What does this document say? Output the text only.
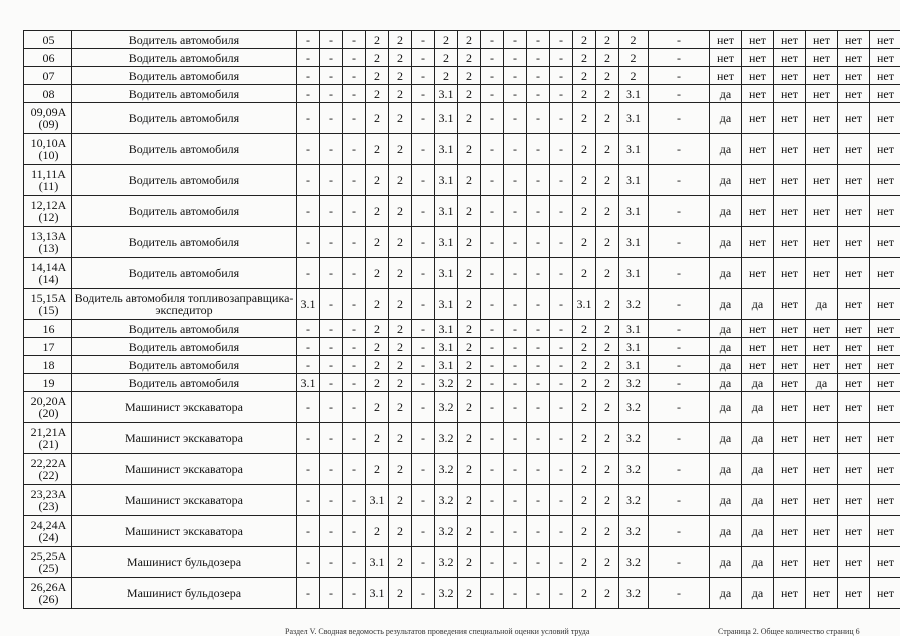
05	Водитель автомобиля	-	-	-	2	2	-	2	2	-	-	-	-	2	2	2	-	нет	нет	нет	нет	нет	нет
06	Водитель автомобиля	-	-	-	2	2	-	2	2	-	-	-	-	2	2	2	-	нет	нет	нет	нет	нет	нет
07	Водитель автомобиля	-	-	-	2	2	-	2	2	-	-	-	-	2	2	2	-	нет	нет	нет	нет	нет	нет
08	Водитель автомобиля	-	-	-	2	2	-	3.1	2	-	-	-	-	2	2	3.1	-	да	нет	нет	нет	нет	нет
09,09А (09)	Водитель автомобиля	-	-	-	2	2	-	3.1	2	-	-	-	-	2	2	3.1	-	да	нет	нет	нет	нет	нет
10,10А (10)	Водитель автомобиля	-	-	-	2	2	-	3.1	2	-	-	-	-	2	2	3.1	-	да	нет	нет	нет	нет	нет
11,11А (11)	Водитель автомобиля	-	-	-	2	2	-	3.1	2	-	-	-	-	2	2	3.1	-	да	нет	нет	нет	нет	нет
12,12А (12)	Водитель автомобиля	-	-	-	2	2	-	3.1	2	-	-	-	-	2	2	3.1	-	да	нет	нет	нет	нет	нет
13,13А (13)	Водитель автомобиля	-	-	-	2	2	-	3.1	2	-	-	-	-	2	2	3.1	-	да	нет	нет	нет	нет	нет
14,14А (14)	Водитель автомобиля	-	-	-	2	2	-	3.1	2	-	-	-	-	2	2	3.1	-	да	нет	нет	нет	нет	нет
15,15А (15)	Водитель автомобиля топливозаправщика-экспедитор	3.1	-	-	2	2	-	3.1	2	-	-	-	-	3.1	2	3.2	-	да	да	нет	да	нет	нет
16	Водитель автомобиля	-	-	-	2	2	-	3.1	2	-	-	-	-	2	2	3.1	-	да	нет	нет	нет	нет	нет
17	Водитель автомобиля	-	-	-	2	2	-	3.1	2	-	-	-	-	2	2	3.1	-	да	нет	нет	нет	нет	нет
18	Водитель автомобиля	-	-	-	2	2	-	3.1	2	-	-	-	-	2	2	3.1	-	да	нет	нет	нет	нет	нет
19	Водитель автомобиля	3.1	-	-	2	2	-	3.2	2	-	-	-	-	2	2	3.2	-	да	да	нет	да	нет	нет
20,20А (20)	Машинист экскаватора	-	-	-	2	2	-	3.2	2	-	-	-	-	2	2	3.2	-	да	да	нет	нет	нет	нет
21,21А (21)	Машинист экскаватора	-	-	-	2	2	-	3.2	2	-	-	-	-	2	2	3.2	-	да	да	нет	нет	нет	нет
22,22А (22)	Машинист экскаватора	-	-	-	2	2	-	3.2	2	-	-	-	-	2	2	3.2	-	да	да	нет	нет	нет	нет
23,23А (23)	Машинист экскаватора	-	-	-	3.1	2	-	3.2	2	-	-	-	-	2	2	3.2	-	да	да	нет	нет	нет	нет
24,24А (24)	Машинист экскаватора	-	-	-	2	2	-	3.2	2	-	-	-	-	2	2	3.2	-	да	да	нет	нет	нет	нет
25,25А (25)	Машинист бульдозера	-	-	-	3.1	2	-	3.2	2	-	-	-	-	2	2	3.2	-	да	да	нет	нет	нет	нет
26,26А (26)	Машинист бульдозера	-	-	-	3.1	2	-	3.2	2	-	-	-	-	2	2	3.2	-	да	да	нет	нет	нет	нет
Раздел V. Сводная ведомость результатов проведения специальной оценки условий труда	Страница 2. Общее количество страниц 6
